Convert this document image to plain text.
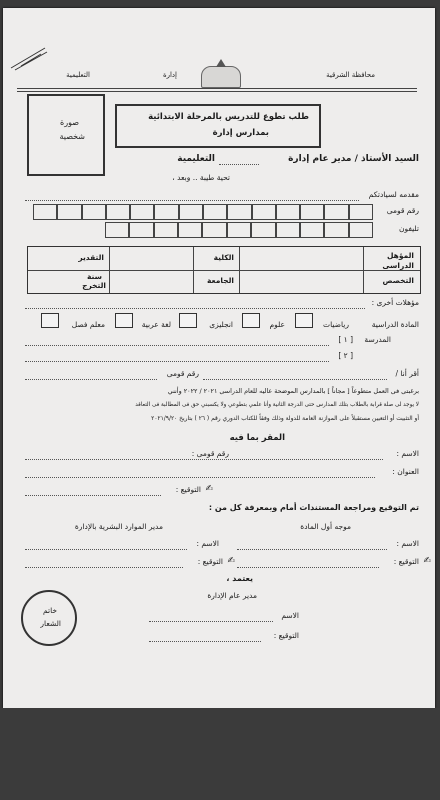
محافظة الشرقية
إدارة
التعليمية
طلب تطوع للتدريس بالمرحلة الابتدائية
بمدارس إدارة
صورة
شخصية
السيد الأستاذ / مدير عام إدارة
التعليمية
تحية طيبة .. وبعد ،
مقدمه لسيادتكم
رقم قومى
تليفون
المؤهل
الدراسى
التخصص
الكلية
الجامعة
التقدير
سنة
التخرج
مؤهلات أخرى :
المادة الدراسية
رياضيات
علوم
انجليزى
لغة عربية
معلم فصل
المدرسة
[ ١ ]
[ ٢ ]
أقر أنا /
رقم قومى
برغبتى فى العمل متطوعاً [ مجاناً ] بالمدارس الموضحة عاليه للعام الدراسى ٢٠٢١ / ٢٠٢٢ وأنني
لا يوجد لى صلة قرابة بالطلاب بتلك المدارس حتى الدرجة الثانية وأنا علمي بتطوعي ولا يكسبني حق فى المطالبة فى التعاقد
أو التثبيت أو التعيين مستقبلاً على الموازنة العامة للدولة وذلك وفقاً للكتاب الدوري رقم ( ٢٦ ) بتاريخ ٢٠٢١/٩/٢٠
المقر بما فيه
الاسم :
رقم قومى :
العنوان :
✍
التوقيع :
تم التوقيع ومراجعة المستندات أمام وبمعرفة كل من :
موجه أول المادة
مدير الموارد البشرية بالإدارة
الاسم :
الاسم :
✍
التوقيع :
✍
التوقيع :
يعتمد ،
مدير عام الإدارة
الاسم
التوقيع :
خاتم
الشعار
